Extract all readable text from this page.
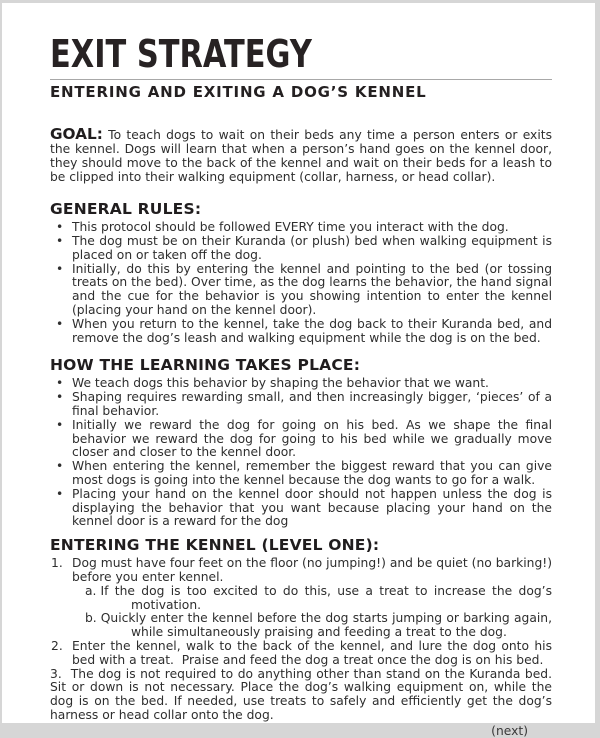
EXIT STRATEGY
ENTERING AND EXITING A DOG’S KENNEL

GOAL: To teach dogs to wait on their beds any time a person enters or exits the kennel. Dogs will learn that when a person’s hand goes on the kennel door, they should move to the back of the kennel and wait on their beds for a leash to be clipped into their walking equipment (collar, harness, or head collar).

GENERAL RULES:
• This protocol should be followed EVERY time you interact with the dog.
• The dog must be on their Kuranda (or plush) bed when walking equipment is placed on or taken off the dog.
• Initially, do this by entering the kennel and pointing to the bed (or tossing treats on the bed). Over time, as the dog learns the behavior, the hand signal and the cue for the behavior is you showing intention to enter the kennel (placing your hand on the kennel door).
• When you return to the kennel, take the dog back to their Kuranda bed, and remove the dog’s leash and walking equipment while the dog is on the bed.
HOW THE LEARNING TAKES PLACE:
• We teach dogs this behavior by shaping the behavior that we want.
• Shaping requires rewarding small, and then increasingly bigger, ‘pieces’ of a final behavior.
• Initially we reward the dog for going on his bed. As we shape the final behavior we reward the dog for going to his bed while we gradually move closer and closer to the kennel door.
• When entering the kennel, remember the biggest reward that you can give most dogs is going into the kennel because the dog wants to go for a walk.
• Placing your hand on the kennel door should not happen unless the dog is displaying the behavior that you want because placing your hand on the kennel door is a reward for the dog
ENTERING THE KENNEL (LEVEL ONE):
1. Dog must have four feet on the floor (no jumping!) and be quiet (no barking!) before you enter kennel.
a. If the dog is too excited to do this, use a treat to increase the dog’s motivation.
b. Quickly enter the kennel before the dog starts jumping or barking again, while simultaneously praising and feeding a treat to the dog.
2. Enter the kennel, walk to the back of the kennel, and lure the dog onto his bed with a treat.  Praise and feed the dog a treat once the dog is on his bed.
3.  The dog is not required to do anything other than stand on the Kuranda bed. Sit or down is not necessary. Place the dog’s walking equipment on, while the dog is on the bed. If needed, use treats to safely and efficiently get the dog’s harness or head collar onto the dog.
(next)
